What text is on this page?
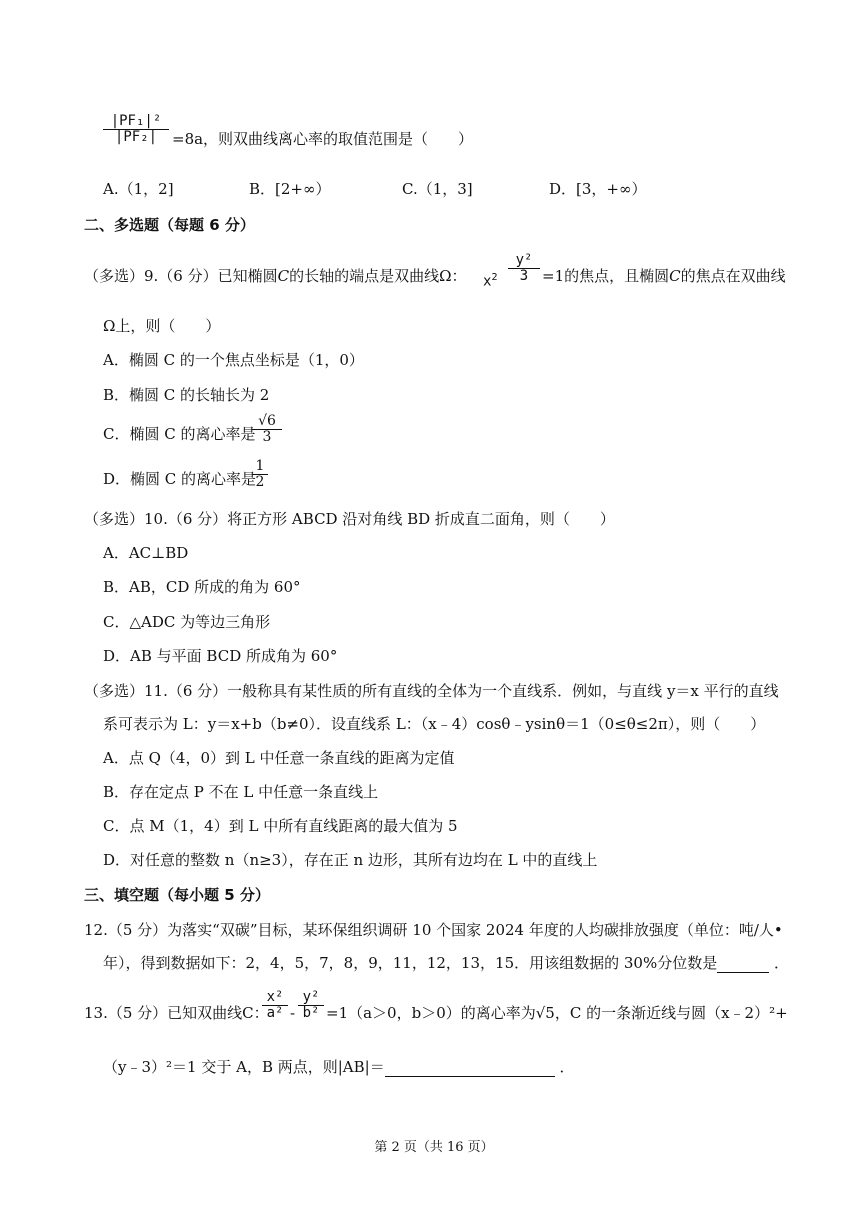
$\frac{\text{|PF₁|²}}{\text{|PF₂|}} =8a$，则双曲线离心率的取值范围是（　　）
A.（1，2]	B．[2+∞）	C.（1，3]	D．[3，+∞）
二、多选题（每题 6 分）
（多选）9.（6 分）已知椭圆C的长轴的端点是双曲线Ω： $x^2 \frac{\text{y²}}{3} =1$的焦点，且椭圆C的焦点在双曲线
Ω上，则（　　）
A．椭圆 C 的一个焦点坐标是（1，0）
B．椭圆 C 的长轴长为 2
C．椭圆 C 的离心率是
$\frac{√6}{3}$
D．椭圆 C 的离心率是
$\frac{1}{2}$
（多选）10.（6 分）将正方形 ABCD 沿对角线 BD 折成直二面角，则（　　）
A．AC⊥BD
B．AB，CD 所成的角为 60°
C．△ADC 为等边三角形
D．AB 与平面 BCD 所成角为 60°
（多选）11.（6 分）一般称具有某性质的所有直线的全体为一个直线系．例如，与直线 y＝x 平行的直线
系可表示为 L：y＝x+b（b≠0）．设直线系 L：（x﹣4）cosθ﹣ysinθ＝1（0≤θ≤2π），则（　　）
A．点 Q（4，0）到 L 中任意一条直线的距离为定值
B．存在定点 P 不在 L 中任意一条直线上
C．点 M（1，4）到 L 中所有直线距离的最大值为 5
D．对任意的整数 n（n≥3），存在正 n 边形，其所有边均在 L 中的直线上
三、填空题（每小题 5 分）
12.（5 分）为落实“双碳”目标，某环保组织调研 10 个国家 2024 年度的人均碳排放强度（单位：吨/人•
年），得到数据如下：2，4，5，7，8，9，11，12，13，15．用该组数据的 30%分位数是	．
13.（5 分）已知双曲线C：
$\frac{\text{x²}}{\text{a²}} - \frac{\text{y²}}{\text{b²}} =1(a>0$，b＞0）的离心率为√5，C 的一条渐近线与圆（x﹣2）²+
（y﹣3）²＝1 交于 A，B 两点，则|AB|＝	．
第 2 页（共 16 页）
